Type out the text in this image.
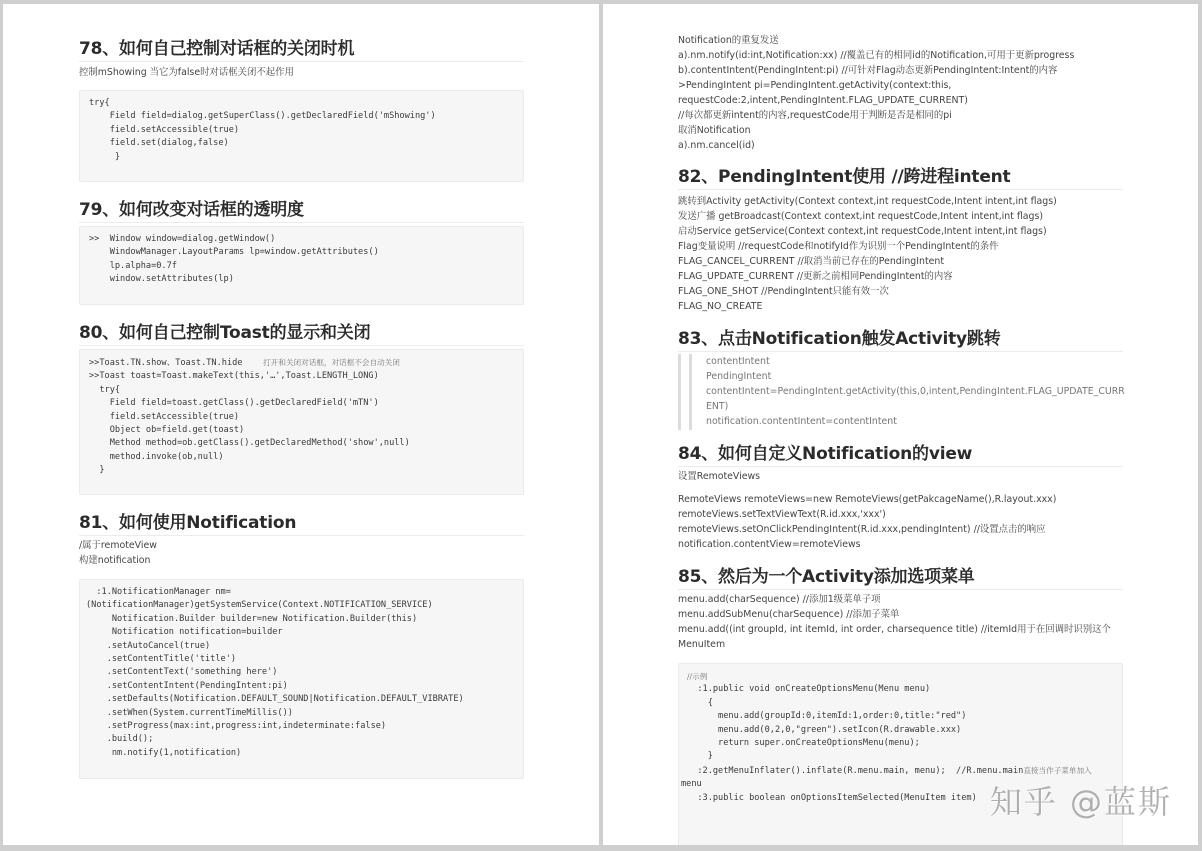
78、如何自己控制对话框的关闭时机
控制mShowing 当它为false时对话框关闭不起作用
try{
Field field=dialog.getSuperClass().getDeclaredField('mShowing')
field.setAccessible(true)
field.set(dialog,false)
}
79、如何改变对话框的透明度
>>  Window window=dialog.getWindow()
WindowManager.LayoutParams lp=window.getAttributes()
lp.alpha=0.7f
window.setAttributes(lp)
80、如何自己控制Toast的显示和关闭
>>Toast.TN.show、Toast.TN.hide	打开和关闭对话框，对话框不会自动关闭
>>Toast toast=Toast.makeText(this,'…',Toast.LENGTH_LONG)
try{
Field field=toast.getClass().getDeclaredField('mTN')
field.setAccessible(true)
Object ob=field.get(toast)
Method method=ob.getClass().getDeclaredMethod('show',null)
method.invoke(ob,null)
}
81、如何使用Notification
/属于remoteView
构建notification
:1.NotificationManager nm=
(NotificationManager)getSystemService(Context.NOTIFICATION_SERVICE)
Notification.Builder builder=new Notification.Builder(this)
Notification notification=builder
.setAutoCancel(true)
.setContentTitle('title')
.setContentText('something here')
.setContentIntent(PendingIntent:pi)
.setDefaults(Notification.DEFAULT_SOUND|Notification.DEFAULT_VIBRATE)
.setWhen(System.currentTimeMillis())
.setProgress(max:int,progress:int,indeterminate:false)
.build();
nm.notify(1,notification)
Notification的重复发送
a).nm.notify(id:int,Notification:xx) //覆盖已有的相同id的Notification,可用于更新progress
b).contentIntent(PendingIntent:pi) //可针对Flag动态更新PendingIntent:Intent的内容
>PendingIntent pi=PendingIntent.getActivity(context:this,
requestCode:2,intent,PendingIntent.FLAG_UPDATE_CURRENT)
//每次都更新intent的内容,requestCode用于判断是否是相同的pi
取消Notification
a).nm.cancel(id)
82、PendingIntent使用 //跨进程intent
跳转到Activity getActivity(Context context,int requestCode,Intent intent,int flags)
发送广播 getBroadcast(Context context,int requestCode,Intent intent,int flags)
启动Service getService(Context context,int requestCode,Intent intent,int flags)
Flag变量说明 //requestCode和notifyId作为识别一个PendingIntent的条件
FLAG_CANCEL_CURRENT //取消当前已存在的PendingIntent
FLAG_UPDATE_CURRENT //更新之前相同PendingIntent的内容
FLAG_ONE_SHOT //PendingIntent只能有效一次
FLAG_NO_CREATE
83、点击Notification触发Activity跳转
contentIntent
PendingIntent
contentIntent=PendingIntent.getActivity(this,0,intent,PendingIntent.FLAG_UPDATE_CURR
ENT)
notification.contentIntent=contentIntent
84、如何自定义Notification的view
设置RemoteViews
RemoteViews remoteViews=new RemoteViews(getPakcageName(),R.layout.xxx)
remoteViews.setTextViewText(R.id.xxx,'xxx')
remoteViews.setOnClickPendingIntent(R.id.xxx,pendingIntent) //设置点击的响应
notification.contentView=remoteViews
85、然后为一个Activity添加选项菜单
menu.add(charSequence) //添加1级菜单子项
menu.addSubMenu(charSequence) //添加子菜单
menu.add((int groupId, int itemId, int order, charsequence title) //itemId用于在回调时识别这个
MenuItem
//示例
:1.public void onCreateOptionsMenu(Menu menu)
{
menu.add(groupId:0,itemId:1,order:0,title:"red")
menu.add(0,2,0,"green").setIcon(R.drawable.xxx)
return super.onCreateOptionsMenu(menu);
}
:2.getMenuInflater().inflate(R.menu.main, menu);  //R.menu.main直接当作子菜单加入
menu
:3.public boolean onOptionsItemSelected(MenuItem item) 知乎 @蓝斯
